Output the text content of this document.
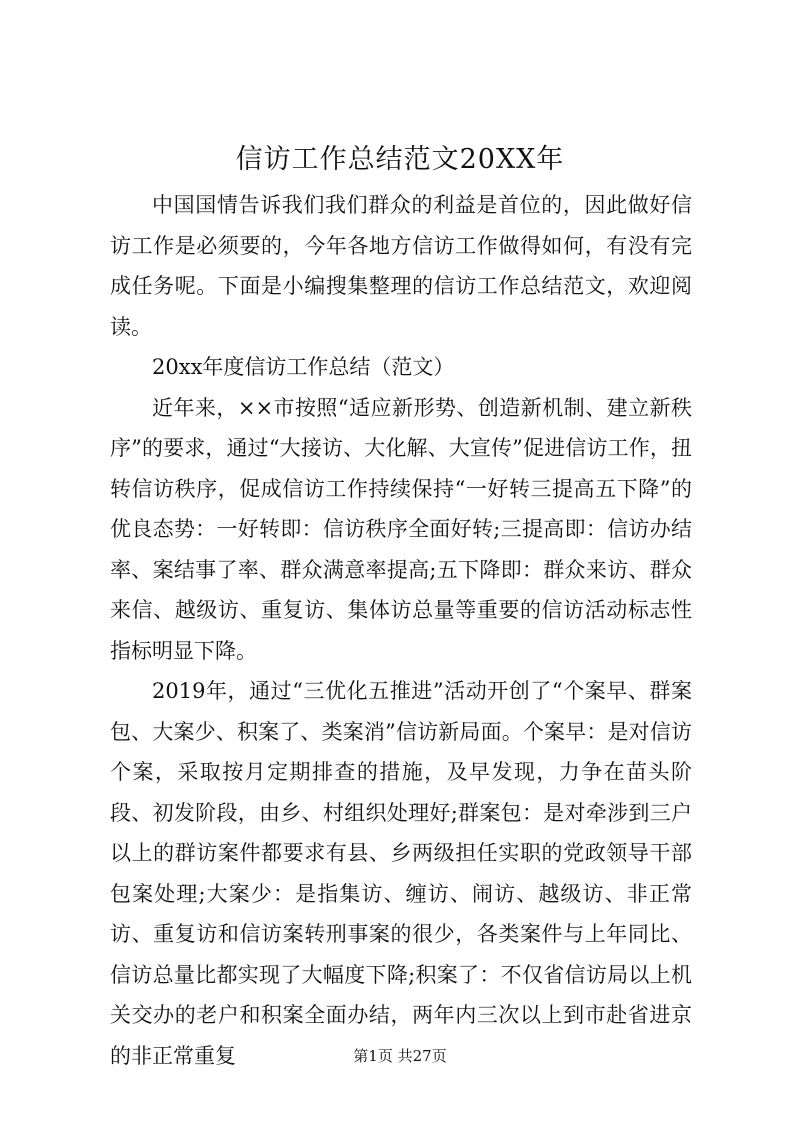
信访工作总结范文20XX年

中国国情告诉我们我们群众的利益是首位的，因此做好信访工作是必须要的，今年各地方信访工作做得如何，有没有完成任务呢。下面是小编搜集整理的信访工作总结范文，欢迎阅读。

20xx年度信访工作总结（范文）

近年来，××市按照“适应新形势、创造新机制、建立新秩序”的要求，通过“大接访、大化解、大宣传”促进信访工作，扭转信访秩序，促成信访工作持续保持“一好转三提高五下降”的优良态势：一好转即：信访秩序全面好转;三提高即：信访办结率、案结事了率、群众满意率提高;五下降即：群众来访、群众来信、越级访、重复访、集体访总量等重要的信访活动标志性指标明显下降。

2019年，通过“三优化五推进”活动开创了“个案早、群案包、大案少、积案了、类案消”信访新局面。个案早：是对信访个案，采取按月定期排查的措施，及早发现，力争在苗头阶段、初发阶段，由乡、村组织处理好;群案包：是对牵涉到三户以上的群访案件都要求有县、乡两级担任实职的党政领导干部包案处理;大案少：是指集访、缠访、闹访、越级访、非正常访、重复访和信访案转刑事案的很少，各类案件与上年同比、信访总量比都实现了大幅度下降;积案了：不仅省信访局以上机关交办的老户和积案全面办结，两年内三次以上到市赴省进京的非正常重复	第1页 共27页
